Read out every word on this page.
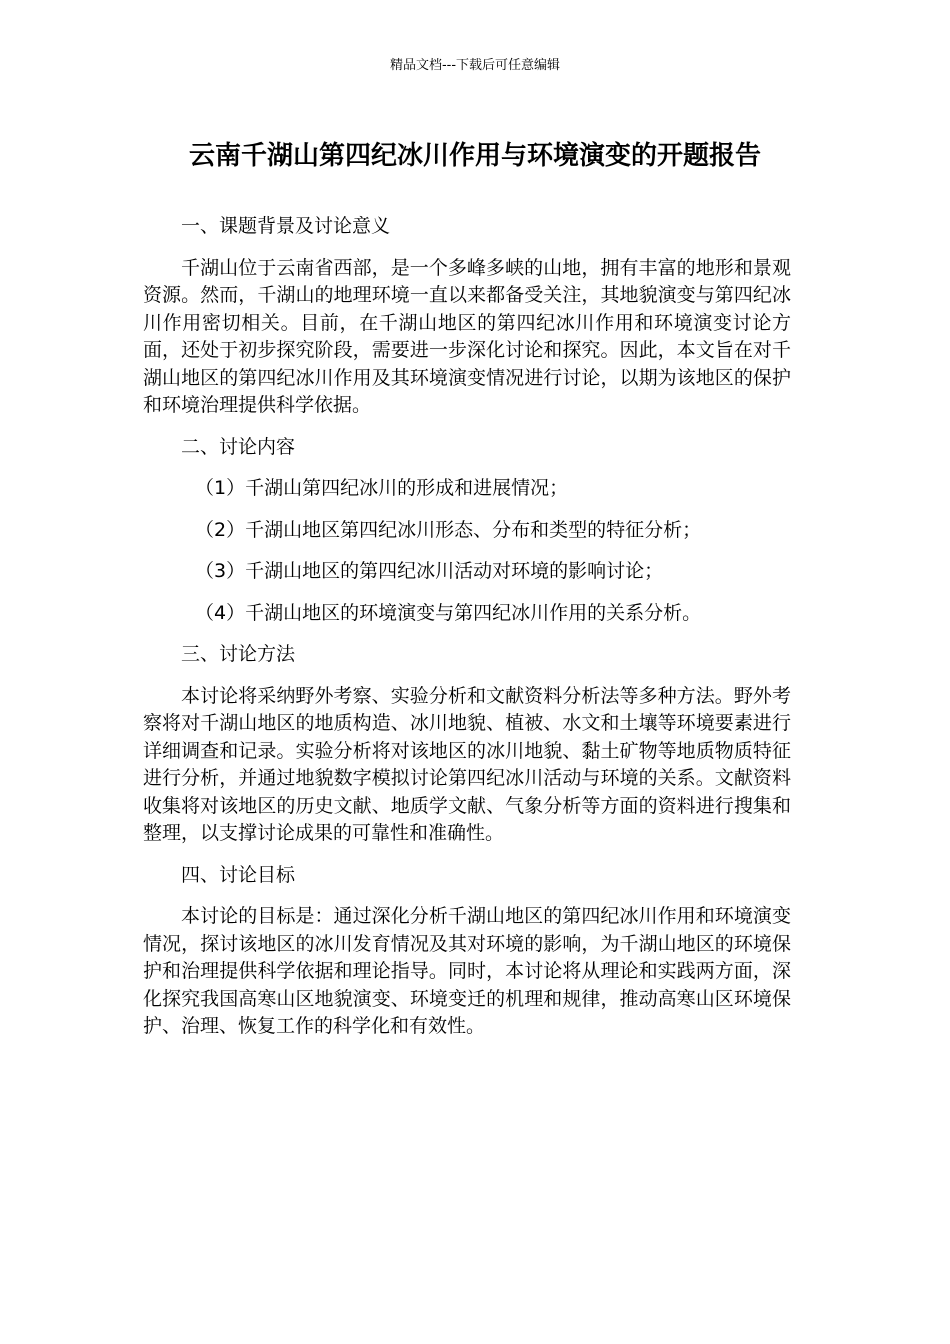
精品文档---下载后可任意编辑
云南千湖山第四纪冰川作用与环境演变的开题报告

一、课题背景及讨论意义

千湖山位于云南省西部，是一个多峰多峡的山地，拥有丰富的地形和景观资源。然而，千湖山的地理环境一直以来都备受关注，其地貌演变与第四纪冰川作用密切相关。目前，在千湖山地区的第四纪冰川作用和环境演变讨论方面，还处于初步探究阶段，需要进一步深化讨论和探究。因此，本文旨在对千湖山地区的第四纪冰川作用及其环境演变情况进行讨论，以期为该地区的保护和环境治理提供科学依据。

二、讨论内容

（1）千湖山第四纪冰川的形成和进展情况；

（2）千湖山地区第四纪冰川形态、分布和类型的特征分析；

（3）千湖山地区的第四纪冰川活动对环境的影响讨论；

（4）千湖山地区的环境演变与第四纪冰川作用的关系分析。

三、讨论方法

本讨论将采纳野外考察、实验分析和文献资料分析法等多种方法。野外考察将对千湖山地区的地质构造、冰川地貌、植被、水文和土壤等环境要素进行详细调查和记录。实验分析将对该地区的冰川地貌、黏土矿物等地质物质特征进行分析，并通过地貌数字模拟讨论第四纪冰川活动与环境的关系。文献资料收集将对该地区的历史文献、地质学文献、气象分析等方面的资料进行搜集和整理，以支撑讨论成果的可靠性和准确性。

四、讨论目标

本讨论的目标是：通过深化分析千湖山地区的第四纪冰川作用和环境演变情况，探讨该地区的冰川发育情况及其对环境的影响，为千湖山地区的环境保护和治理提供科学依据和理论指导。同时，本讨论将从理论和实践两方面，深化探究我国高寒山区地貌演变、环境变迁的机理和规律，推动高寒山区环境保护、治理、恢复工作的科学化和有效性。
